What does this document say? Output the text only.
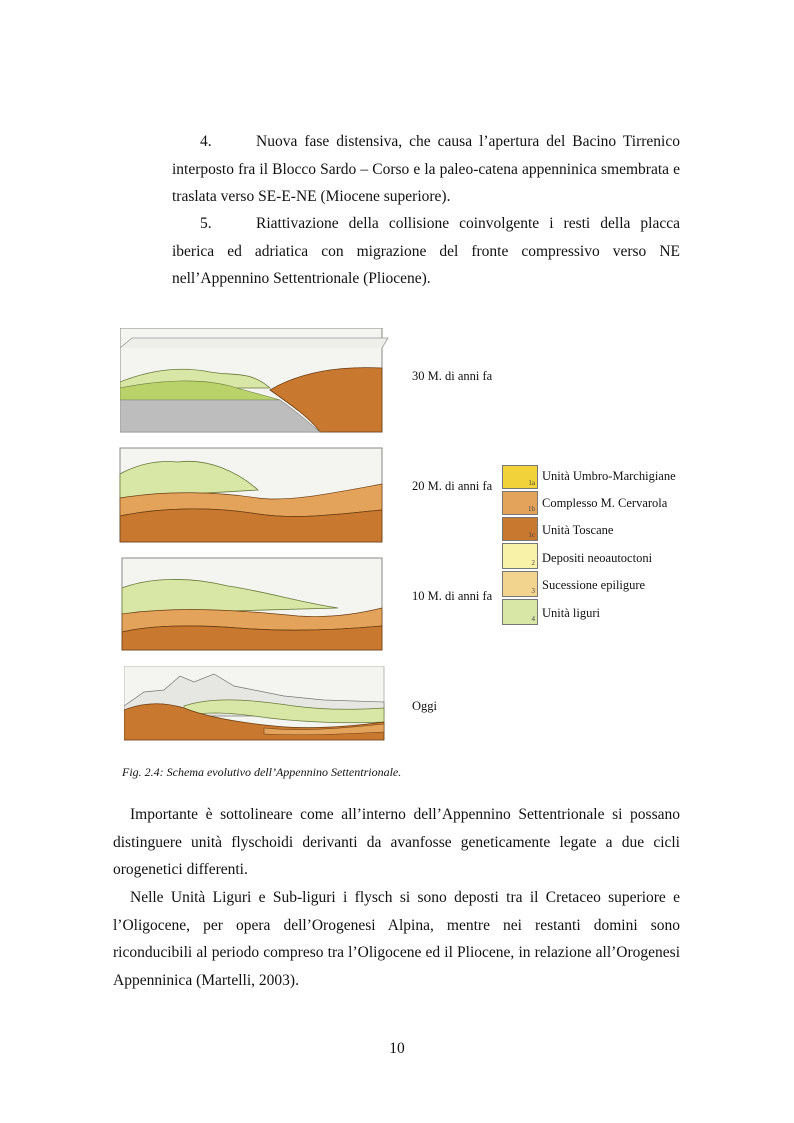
4.	Nuova fase distensiva, che causa l’apertura del Bacino Tirrenico interposto fra il Blocco Sardo – Corso e la paleo-catena appenninica smembrata e traslata verso SE-E-NE (Miocene superiore).
5.	Riattivazione della collisione coinvolgente i resti della placca iberica ed adriatica con migrazione del fronte compressivo verso NE nell’Appennino Settentrionale (Pliocene).
30 M. di anni fa
20 M. di anni fa
10 M. di anni fa
Oggi
1a
1b
1c
2
3
4
Unità Umbro-Marchigiane
Complesso M. Cervarola
Unità Toscane
Depositi neoautoctoni
Sucessione epiligure
Unità liguri
Fig. 2.4: Schema evolutivo dell’Appennino Settentrionale.
Importante è sottolineare come all’interno dell’Appennino Settentrionale si possano distinguere unità flyschoidi derivanti da avanfosse geneticamente legate a due cicli orogenetici differenti.
Nelle Unità Liguri e Sub-liguri i flysch si sono deposti tra il Cretaceo superiore e l’Oligocene, per opera dell’Orogenesi Alpina, mentre nei restanti domini sono riconducibili al periodo compreso tra l’Oligocene ed il Pliocene, in relazione all’Orogenesi Appenninica (Martelli, 2003).
10
